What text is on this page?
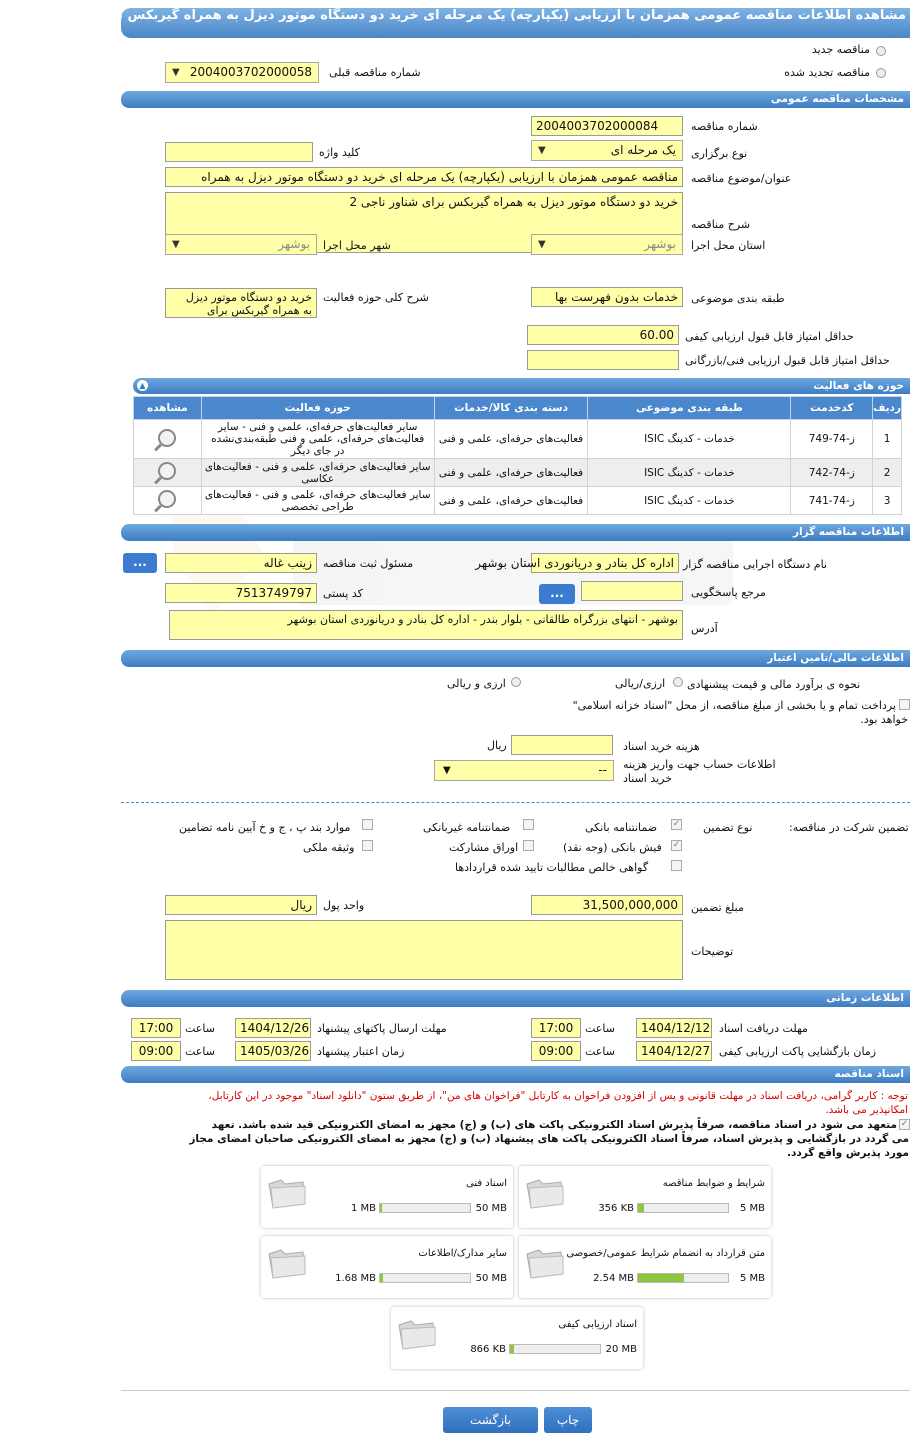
مشاهده اطلاعات مناقصه عمومی همزمان با ارزیابی (یکپارچه) یک مرحله ای خرید دو دستگاه موتور دیزل به همراه گیربکس برای شناور ناجی 2
مناقصه جدید
مناقصه تجدید شده
شماره مناقصه قبلی
2004003702000058
▼
مشخصات مناقصه عمومی
شماره مناقصه
2004003702000084
نوع برگزاری
یک مرحله ای
▼
کلید واژه
عنوان/موضوع مناقصه
مناقصه عمومی همزمان با ارزیابی (یکپارچه) یک مرحله ای خرید دو دستگاه موتور دیزل به همراه
شرح مناقصه
خرید دو دستگاه موتور دیزل به همراه گیربکس برای شناور ناجی 2
استان محل اجرا
بوشهر
▼
شهر محل اجرا
بوشهر
▼
طبقه بندی موضوعی
خدمات بدون فهرست بها
شرح کلی حوزه فعالیت
خرید دو دستگاه موتور دیزل به همراه گیربکس برای
حداقل امتیاز قابل قبول ارزیابی کیفی
60.00
حداقل امتیاز قابل قبول ارزیابی فنی/بازرگانی
حوزه های فعالیت
▲
ردیف	کدخدمت	طبقه بندی موضوعی	دسته بندی کالا/خدمات	حوزه فعالیت	مشاهده
1	ز-74-749	خدمات - کدینگ ISIC	فعالیت‌های حرفه‌ای، علمی و فنی	سایر فعالیت‌های حرفه‌ای، علمی و فنی - سایر فعالیت‌های حرفه‌ای، علمی و فنی طبقه‌بندی‌نشده در جای دیگر	
2	ز-74-742	خدمات - کدینگ ISIC	فعالیت‌های حرفه‌ای، علمی و فنی	سایر فعالیت‌های حرفه‌ای، علمی و فنی - فعالیت‌های عکاسی	
3	ز-74-741	خدمات - کدینگ ISIC	فعالیت‌های حرفه‌ای، علمی و فنی	سایر فعالیت‌های حرفه‌ای، علمی و فنی - فعالیت‌های طراحی تخصصی	
اطلاعات مناقصه گزار
نام دستگاه اجرایی مناقصه گزار
اداره کل بنادر و دریانوردی استان بوشهر
مسئول ثبت مناقصه
زینب غاله
...
مرجع پاسخگویی
...
کد پستی
7513749797
آدرس
بوشهر - انتهای بزرگراه طالقانی - بلوار بندر - اداره کل بنادر و دریانوردی استان بوشهر
اطلاعات مالی/تامین اعتبار
نحوه ی برآورد مالی و قیمت پیشنهادی
ارزی/ریالی
ارزی و ریالی
پرداخت تمام و یا بخشی از مبلغ مناقصه، از محل "اسناد خزانه اسلامی"
خواهد بود.
هزینه خرید اسناد
ریال
اطلاعات حساب جهت واریز هزینه
خرید اسناد
--
▼
تضمین شرکت در مناقصه:
نوع تضمین
✓
ضمانتنامه بانکی
ضمانتنامه غیربانکی
موارد بند پ ، ج و خ آیین نامه تضامین
✓
فیش بانکی (وجه نقد)
اوراق مشارکت
وثیقه ملکی
گواهی خالص مطالبات تایید شده قراردادها
مبلغ تضمین
31,500,000,000
واحد پول
ریال
توضیحات
اطلاعات زمانی
مهلت دریافت اسناد
1404/12/12
ساعت
17:00
مهلت ارسال پاکتهای پیشنهاد
1404/12/26
ساعت
17:00
زمان بازگشایی پاکت ارزیابی کیفی
1404/12/27
ساعت
09:00
زمان اعتبار پیشنهاد
1405/03/26
ساعت
09:00
اسناد مناقصه
توجه : کاربر گرامی، دریافت اسناد در مهلت قانونی و پس از افزودن فراخوان به کارتابل "فراخوان های من"، از طریق ستون "دانلود اسناد" موجود در این کارتابل،
امکانپذیر می باشد.
✓
متعهد می شود در اسناد مناقصه، صرفاً پذیرش اسناد الکترونیکی پاکت های (ب) و (ج) مجهز به امضای الکترونیکی قید شده باشد. تعهد
می گردد در بازگشایی و پذیرش اسناد، صرفاً اسناد الکترونیکی پاکت های پیشنهاد (ب) و (ج) مجهز به امضای الکترونیکی صاحبان امضای مجاز
مورد پذیرش واقع گردد.
شرایط و ضوابط مناقصه
356 KB	5 MB
اسناد فنی
1 MB	50 MB
متن قرارداد به انضمام شرایط عمومی/خصوصی
2.54 MB	5 MB
سایر مدارک/اطلاعات
1.68 MB	50 MB
اسناد ارزیابی کیفی
866 KB	20 MB
چاپ
بازگشت
